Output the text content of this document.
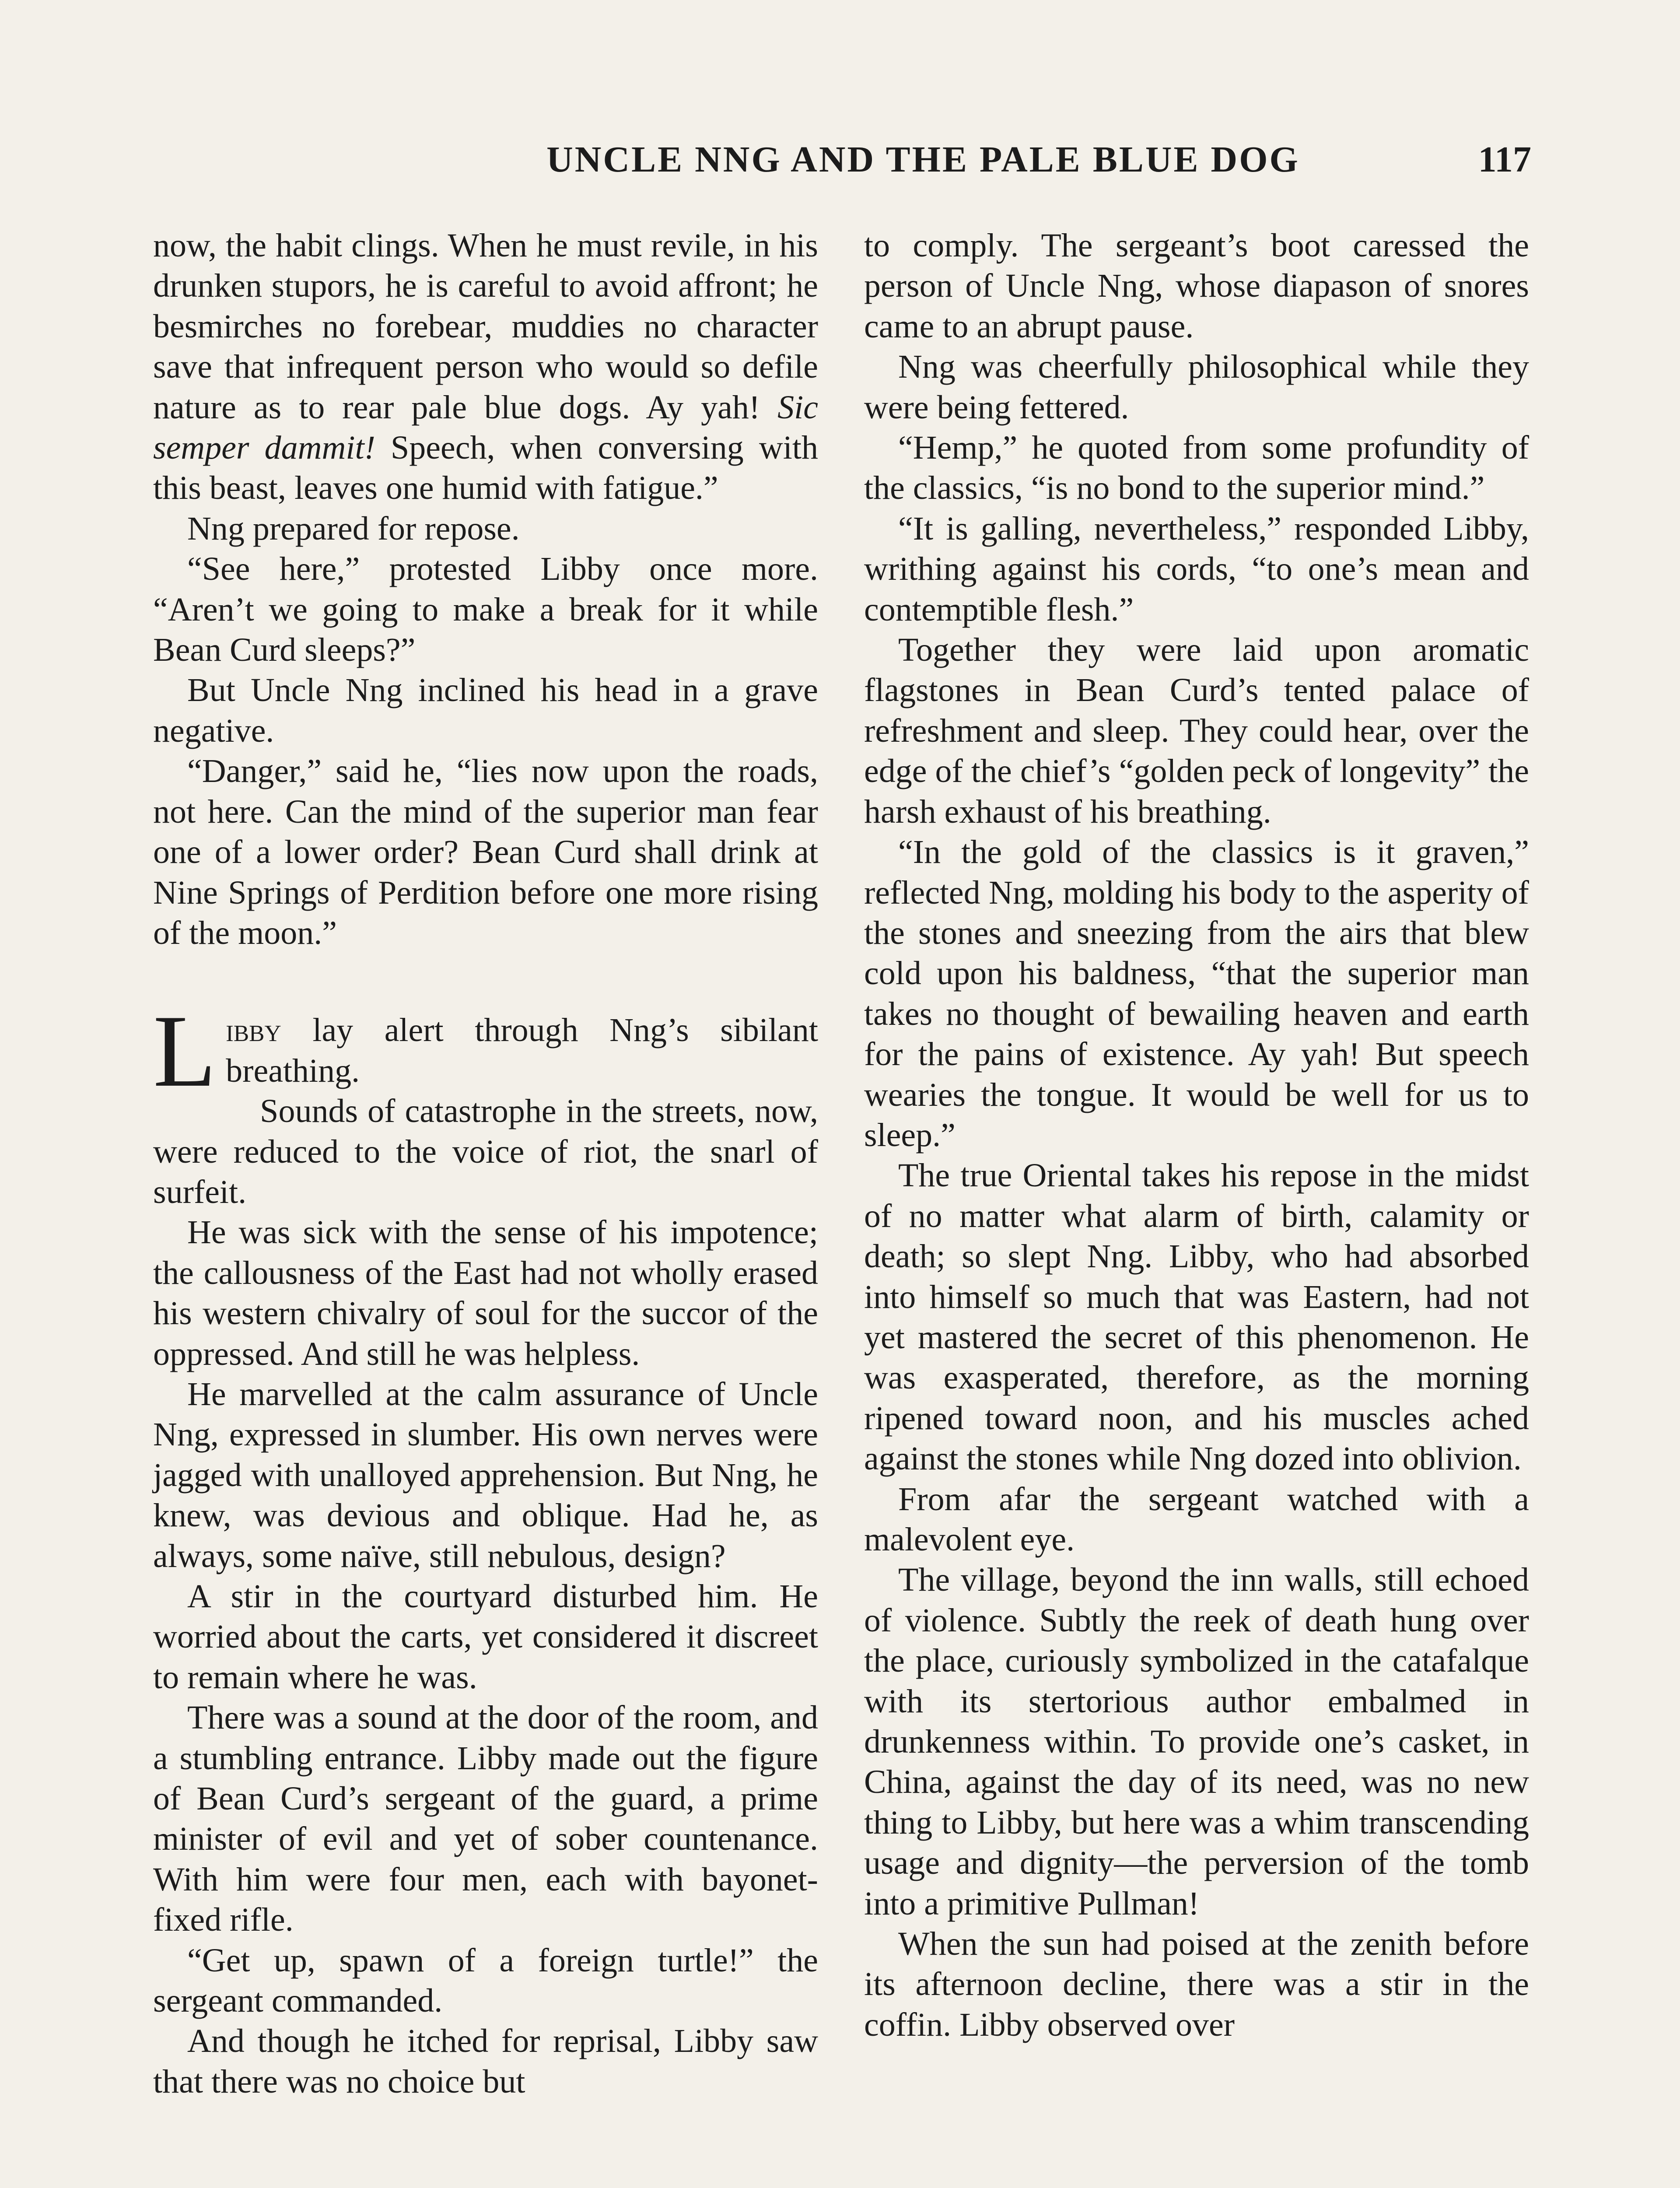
UNCLE NNG AND THE PALE BLUE DOG	117

now, the habit clings. When he must revile, in his drunken stupors, he is careful to avoid affront; he besmirches no forebear, muddies no character save that infrequent person who would so defile nature as to rear pale blue dogs. Ay yah! Sic semper dammit! Speech, when conversing with this beast, leaves one humid with fatigue.”

Nng prepared for repose.

“See here,” protested Libby once more. “Aren’t we going to make a break for it while Bean Curd sleeps?”

But Uncle Nng inclined his head in a grave negative.

“Danger,” said he, “lies now upon the roads, not here. Can the mind of the superior man fear one of a lower order? Bean Curd shall drink at Nine Springs of Perdition before one more rising of the moon.”

Libby lay alert through Nng’s sibilant breathing.

Sounds of catastrophe in the streets, now, were reduced to the voice of riot, the snarl of surfeit.

He was sick with the sense of his impotence; the callousness of the East had not wholly erased his western chivalry of soul for the succor of the oppressed. And still he was helpless.

He marvelled at the calm assurance of Uncle Nng, expressed in slumber. His own nerves were jagged with unalloyed apprehension. But Nng, he knew, was devious and oblique. Had he, as always, some naïve, still nebulous, design?

A stir in the courtyard disturbed him. He worried about the carts, yet considered it discreet to remain where he was.

There was a sound at the door of the room, and a stumbling entrance. Libby made out the figure of Bean Curd’s sergeant of the guard, a prime minister of evil and yet of sober countenance. With him were four men, each with bayonet-fixed rifle.

“Get up, spawn of a foreign turtle!” the sergeant commanded.

And though he itched for reprisal, Libby saw that there was no choice but

to comply. The sergeant’s boot caressed the person of Uncle Nng, whose diapason of snores came to an abrupt pause.

Nng was cheerfully philosophical while they were being fettered.

“Hemp,” he quoted from some profundity of the classics, “is no bond to the superior mind.”

“It is galling, nevertheless,” responded Libby, writhing against his cords, “to one’s mean and contemptible flesh.”

Together they were laid upon aromatic flagstones in Bean Curd’s tented palace of refreshment and sleep. They could hear, over the edge of the chief’s “golden peck of longevity” the harsh exhaust of his breathing.

“In the gold of the classics is it graven,” reflected Nng, molding his body to the asperity of the stones and sneezing from the airs that blew cold upon his baldness, “that the superior man takes no thought of bewailing heaven and earth for the pains of existence. Ay yah! But speech wearies the tongue. It would be well for us to sleep.”

The true Oriental takes his repose in the midst of no matter what alarm of birth, calamity or death; so slept Nng. Libby, who had absorbed into himself so much that was Eastern, had not yet mastered the secret of this phenomenon. He was exasperated, therefore, as the morning ripened toward noon, and his muscles ached against the stones while Nng dozed into oblivion.

From afar the sergeant watched with a malevolent eye.

The village, beyond the inn walls, still echoed of violence. Subtly the reek of death hung over the place, curiously symbolized in the catafalque with its stertorious author embalmed in drunkenness within. To provide one’s casket, in China, against the day of its need, was no new thing to Libby, but here was a whim transcending usage and dignity—the perversion of the tomb into a primitive Pullman!

When the sun had poised at the zenith before its afternoon decline, there was a stir in the coffin. Libby observed over
